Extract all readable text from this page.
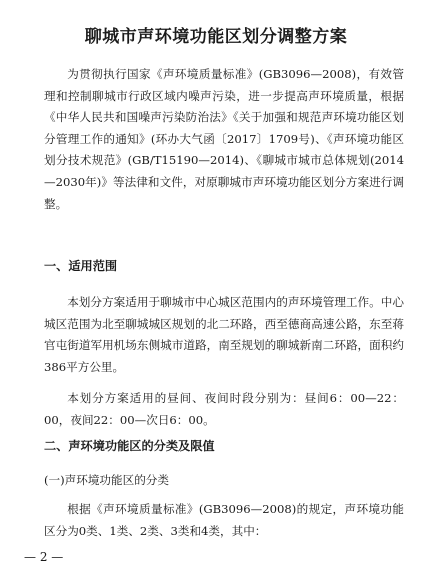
聊城市声环境功能区划分调整方案

为贯彻执行国家《声环境质量标准》(GB3096—2008)，有效管理和控制聊城市行政区域内噪声污染，进一步提高声环境质量，根据《中华人民共和国噪声污染防治法》《关于加强和规范声环境功能区划分管理工作的通知》(环办大气函〔2017〕1709号)、《声环境功能区划分技术规范》(GB/T15190—2014)、《聊城市城市总体规划(2014—2030年)》等法律和文件，对原聊城市声环境功能区划分方案进行调整。

一、适用范围

本划分方案适用于聊城市中心城区范围内的声环境管理工作。中心城区范围为北至聊城城区规划的北二环路，西至德商高速公路，东至蒋官屯街道军用机场东侧城市道路，南至规划的聊城新南二环路，面积约386平方公里。

本划分方案适用的昼间、夜间时段分别为：昼间6：00—22：00，夜间22：00—次日6：00。

二、声环境功能区的分类及限值
(一)声环境功能区的分类

根据《声环境质量标准》(GB3096—2008)的规定，声环境功能区分为0类、1类、2类、3类和4类，其中：

— 2 —
